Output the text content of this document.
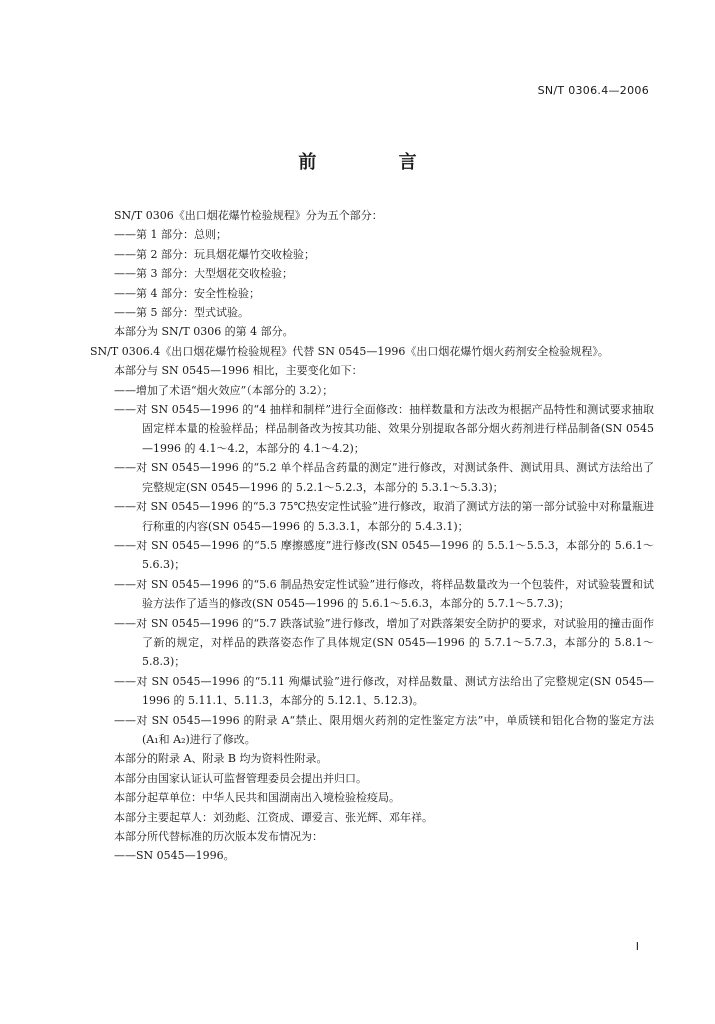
SN/T 0306.4—2006
前 言
SN/T 0306《出口烟花爆竹检验规程》分为五个部分：
——第 1 部分：总则；
——第 2 部分：玩具烟花爆竹交收检验；
——第 3 部分：大型烟花交收检验；
——第 4 部分：安全性检验；
——第 5 部分：型式试验。
本部分为 SN/T 0306 的第 4 部分。
SN/T 0306.4《出口烟花爆竹检验规程》代替 SN 0545—1996《出口烟花爆竹烟火药剂安全检验规程》。
本部分与 SN 0545—1996 相比，主要变化如下：
——增加了术语“烟火效应”（本部分的 3.2）；
——对 SN 0545—1996 的“4 抽样和制样”进行全面修改：抽样数量和方法改为根据产品特性和测试要求抽取固定样本量的检验样品；样品制备改为按其功能、效果分别提取各部分烟火药剂进行样品制备(SN 0545—1996 的 4.1～4.2，本部分的 4.1～4.2)；
——对 SN 0545—1996 的“5.2 单个样品含药量的测定”进行修改，对测试条件、测试用具、测试方法给出了完整规定(SN 0545—1996 的 5.2.1～5.2.3，本部分的 5.3.1～5.3.3)；
——对 SN 0545—1996 的“5.3 75℃热安定性试验”进行修改，取消了测试方法的第一部分试验中对称量瓶进行称重的内容(SN 0545—1996 的 5.3.3.1，本部分的 5.4.3.1)；
——对 SN 0545—1996 的“5.5 摩擦感度”进行修改(SN 0545—1996 的 5.5.1～5.5.3，本部分的 5.6.1～5.6.3)；
——对 SN 0545—1996 的“5.6 制品热安定性试验”进行修改，将样品数量改为一个包装件，对试验装置和试验方法作了适当的修改(SN 0545—1996 的 5.6.1～5.6.3，本部分的 5.7.1～5.7.3)；
——对 SN 0545—1996 的“5.7 跌落试验”进行修改，增加了对跌落架安全防护的要求，对试验用的撞击面作了新的规定，对样品的跌落姿态作了具体规定(SN 0545—1996 的 5.7.1～5.7.3，本部分的 5.8.1～5.8.3)；
——对 SN 0545—1996 的“5.11 殉爆试验”进行修改，对样品数量、测试方法给出了完整规定(SN 0545—1996 的 5.11.1、5.11.3，本部分的 5.12.1、5.12.3)。
——对 SN 0545—1996 的附录 A“禁止、限用烟火药剂的定性鉴定方法”中，单质镁和铝化合物的鉴定方法(A₁和 A₂)进行了修改。
本部分的附录 A、附录 B 均为资料性附录。
本部分由国家认证认可监督管理委员会提出并归口。
本部分起草单位：中华人民共和国湖南出入境检验检疫局。
本部分主要起草人：刘劲彪、江资成、谭爱言、张光辉、邓年祥。
本部分所代替标准的历次版本发布情况为：
——SN 0545—1996。
I
